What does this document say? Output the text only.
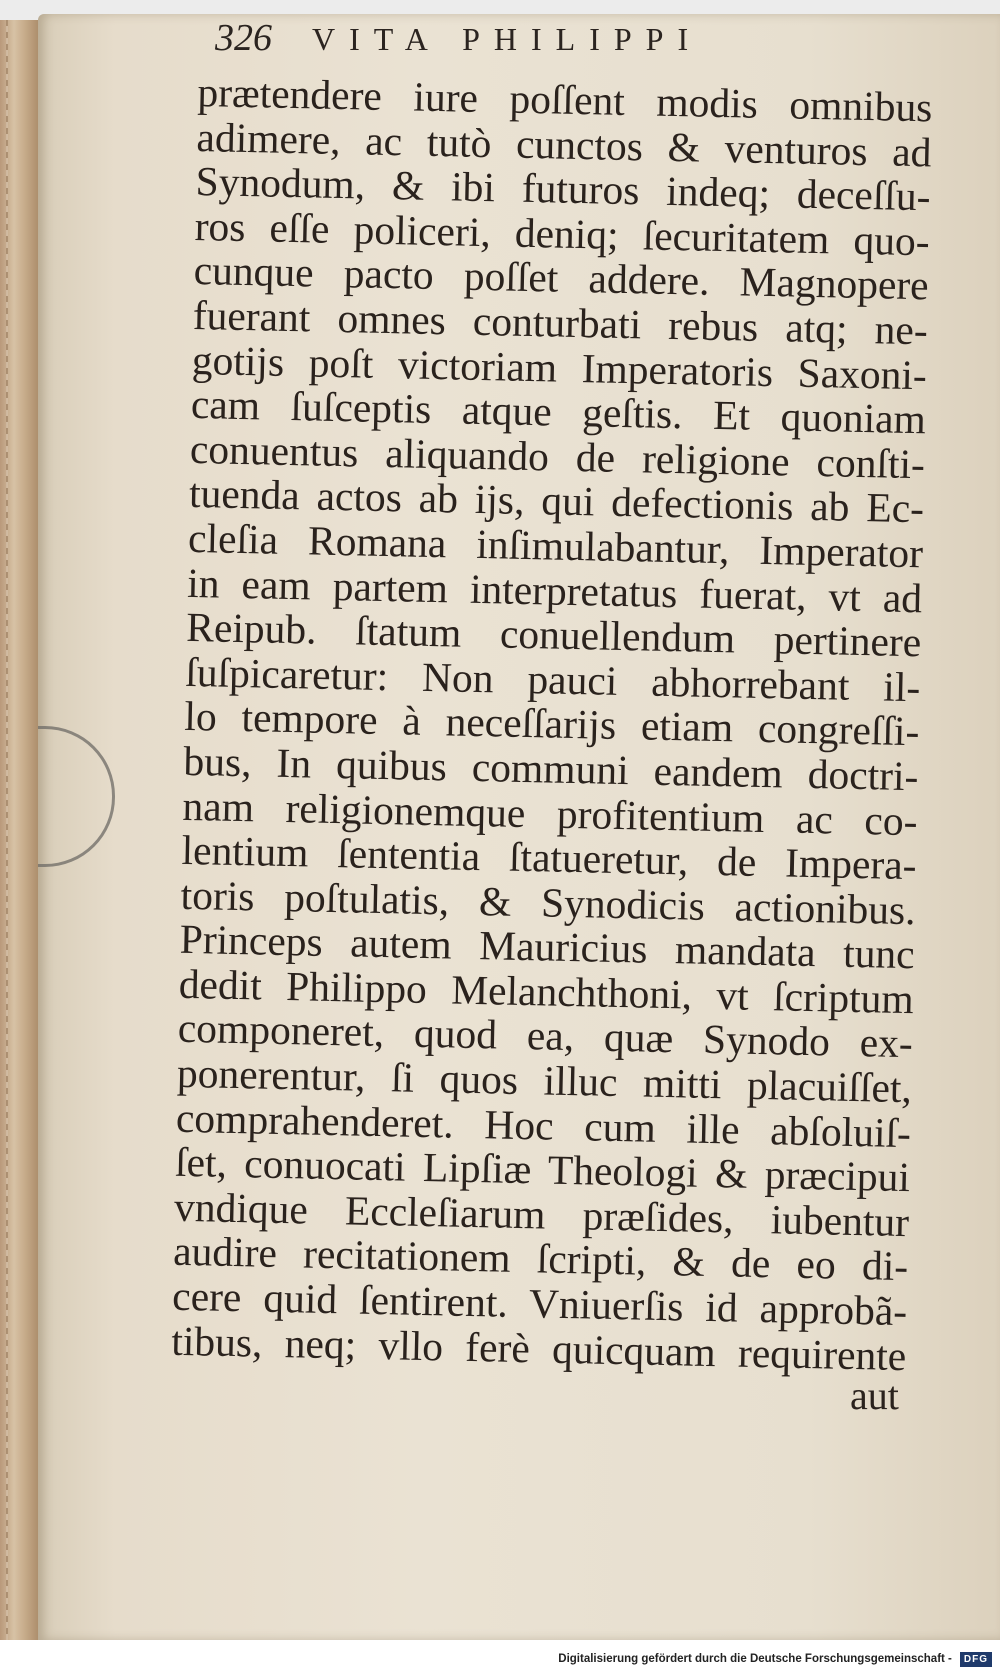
326 VITA PHILIPPI
prætendere iure poſſent modis omnibus
adimere, ac tutò cunctos & venturos ad
Synodum, & ibi futuros indeq; deceſſu-
ros eſſe policeri, deniq; ſecuritatem quo-
cunque pacto poſſet addere. Magnopere
fuerant omnes conturbati rebus atq; ne-
gotijs poſt victoriam Imperatoris Saxoni-
cam ſuſceptis atque geſtis. Et quoniam
conuentus aliquando de religione conſti-
tuenda actos ab ijs, qui defectionis ab Ec-
cleſia Romana inſimulabantur, Imperator
in eam partem interpretatus fuerat, vt ad
Reipub. ſtatum conuellendum pertinere
ſuſpicaretur: Non pauci abhorrebant il-
lo tempore à neceſſarijs etiam congreſſi-
bus, In quibus communi eandem doctri-
nam religionemque profitentium ac co-
lentium ſententia ſtatueretur, de Impera-
toris poſtulatis, & Synodicis actionibus.
Princeps autem Mauricius mandata tunc
dedit Philippo Melanchthoni, vt ſcriptum
componeret, quod ea, quæ Synodo ex-
ponerentur, ſi quos illuc mitti placuiſſet,
comprahenderet. Hoc cum ille abſoluiſ-
ſet, conuocati Lipſiæ Theologi & præcipui
vndique Eccleſiarum præſides, iubentur
audire recitationem ſcripti, & de eo di-
cere quid ſentirent. Vniuerſis id approbã-
tibus, neq; vllo ferè quicquam requirente
aut
Digitalisierung gefördert durch die Deutsche Forschungsgemeinschaft -	DFG
